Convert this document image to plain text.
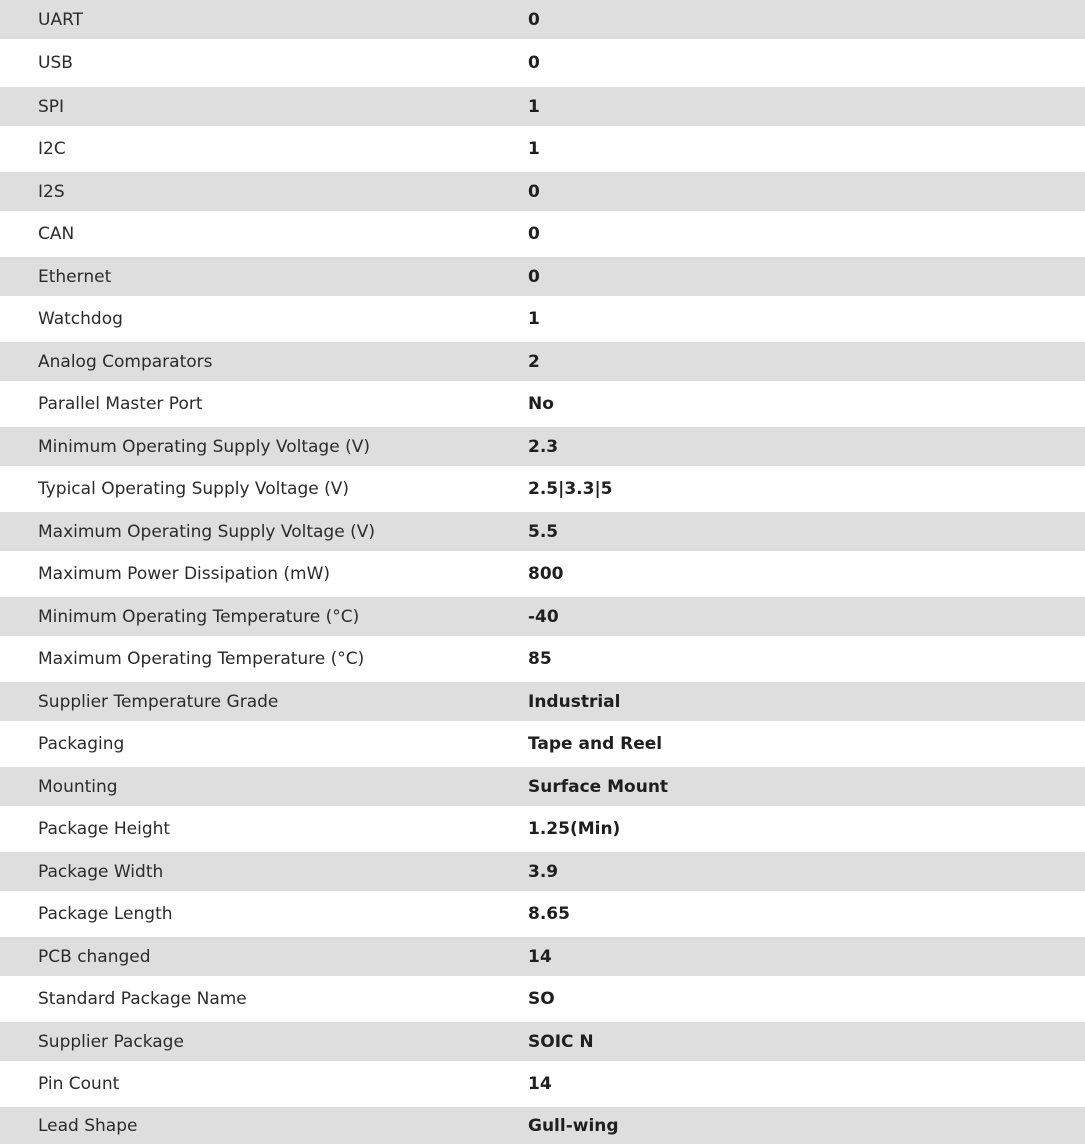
UART	0
USB	0
SPI	1
I2C	1
I2S	0
CAN	0
Ethernet	0
Watchdog	1
Analog Comparators	2
Parallel Master Port	No
Minimum Operating Supply Voltage (V)	2.3
Typical Operating Supply Voltage (V)	2.5|3.3|5
Maximum Operating Supply Voltage (V)	5.5
Maximum Power Dissipation (mW)	800
Minimum Operating Temperature (°C)	-40
Maximum Operating Temperature (°C)	85
Supplier Temperature Grade	Industrial
Packaging	Tape and Reel
Mounting	Surface Mount
Package Height	1.25(Min)
Package Width	3.9
Package Length	8.65
PCB changed	14
Standard Package Name	SO
Supplier Package	SOIC N
Pin Count	14
Lead Shape	Gull-wing
